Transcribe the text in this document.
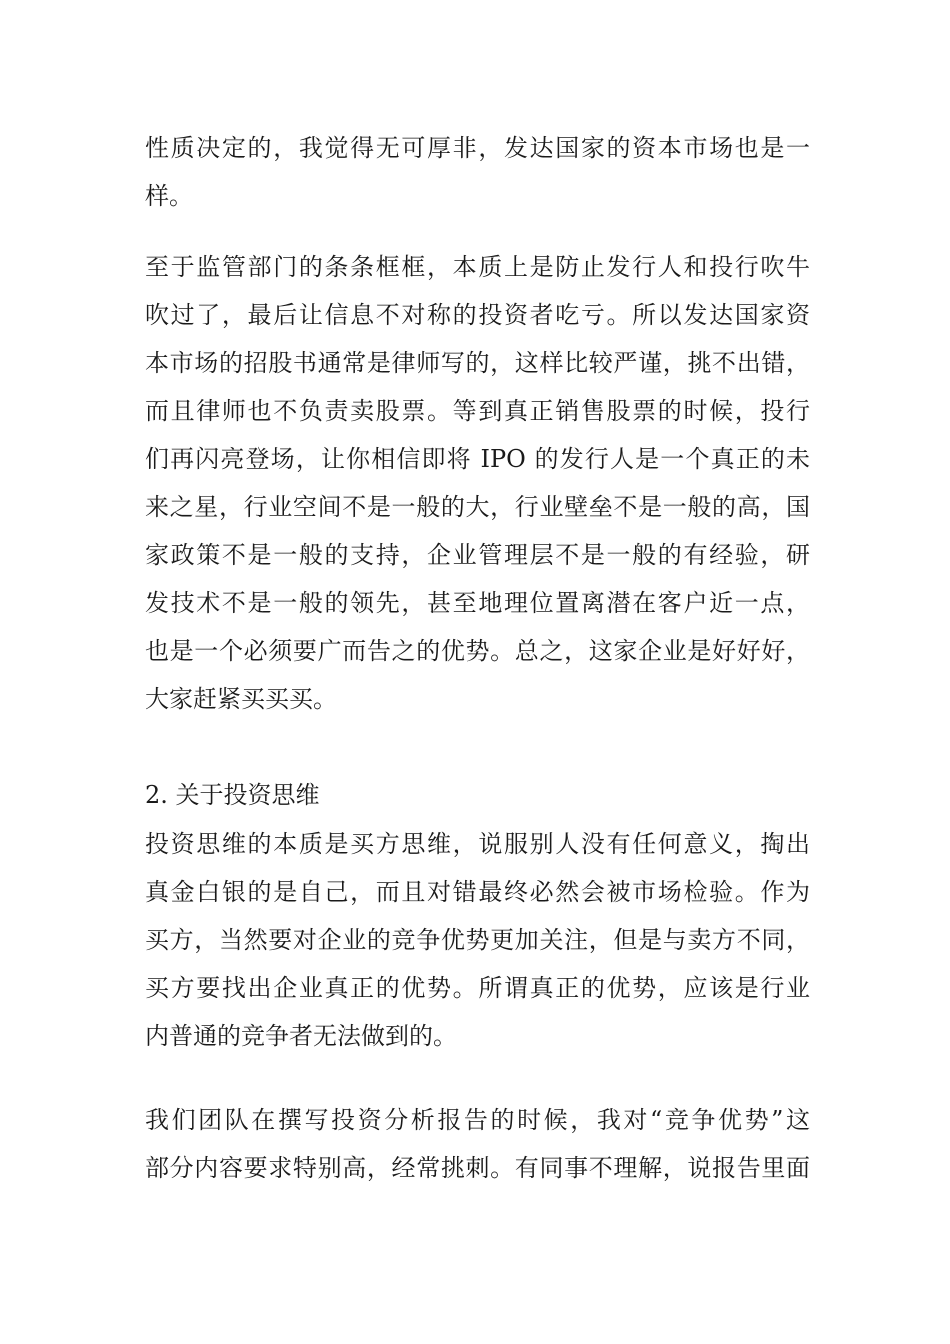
性质决定的，我觉得无可厚非，发达国家的资本市场也是一
样。
至于监管部门的条条框框，本质上是防止发行人和投行吹牛
吹过了，最后让信息不对称的投资者吃亏。所以发达国家资
本市场的招股书通常是律师写的，这样比较严谨，挑不出错，
而且律师也不负责卖股票。等到真正销售股票的时候，投行
们再闪亮登场，让你相信即将 IPO 的发行人是一个真正的未
来之星，行业空间不是一般的大，行业壁垒不是一般的高，国
家政策不是一般的支持，企业管理层不是一般的有经验，研
发技术不是一般的领先，甚至地理位置离潜在客户近一点，
也是一个必须要广而告之的优势。总之，这家企业是好好好，
大家赶紧买买买。
2. 关于投资思维
投资思维的本质是买方思维，说服别人没有任何意义，掏出
真金白银的是自己，而且对错最终必然会被市场检验。作为
买方，当然要对企业的竞争优势更加关注，但是与卖方不同，
买方要找出企业真正的优势。所谓真正的优势，应该是行业
内普通的竞争者无法做到的。
我们团队在撰写投资分析报告的时候，我对“竞争优势”这
部分内容要求特别高，经常挑刺。有同事不理解，说报告里面
